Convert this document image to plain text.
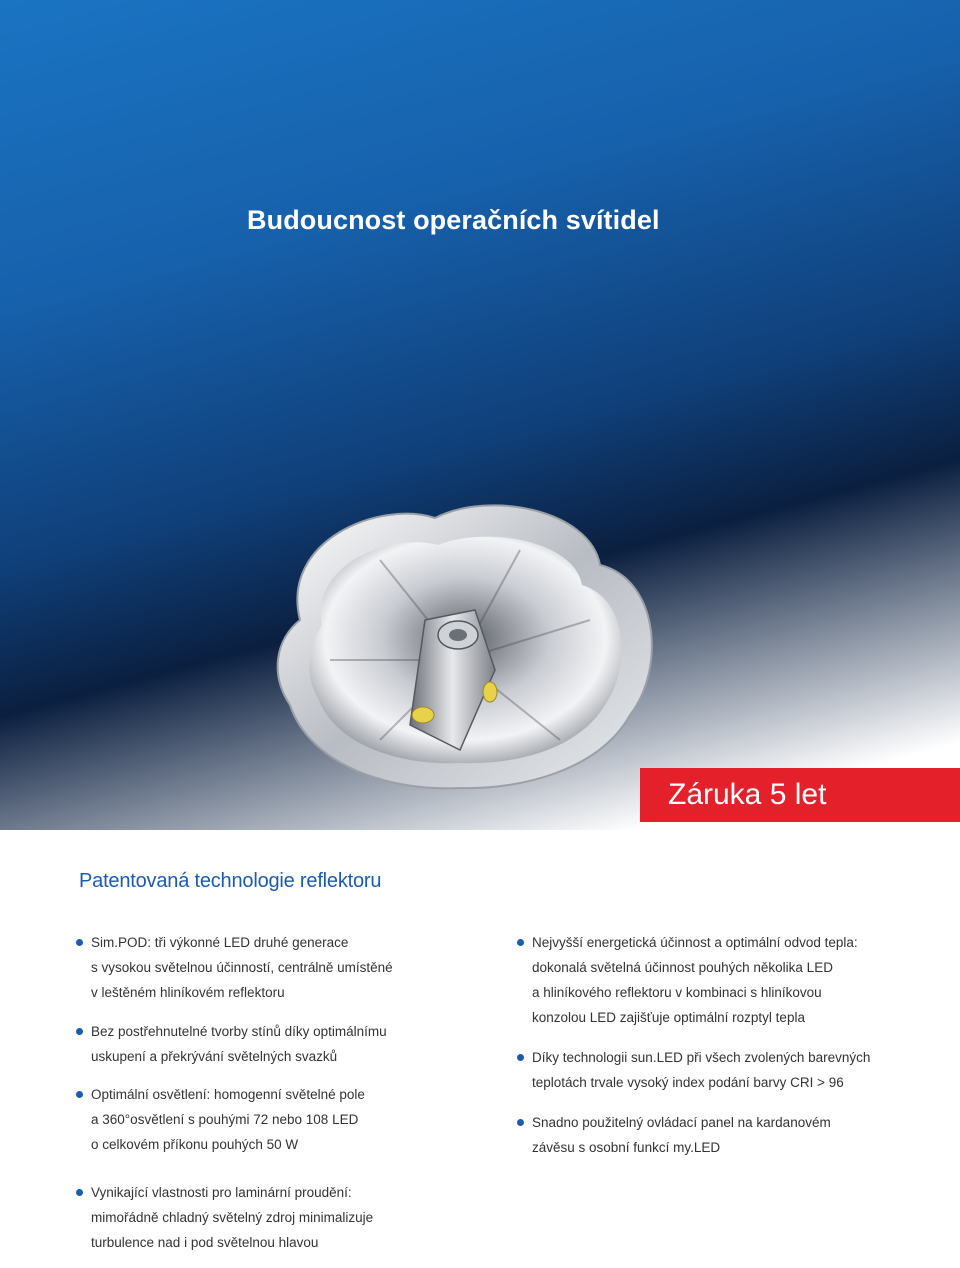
Budoucnost operačních svítidel
Záruka 5 let
Patentovaná technologie reflektoru
Sim.POD: tři výkonné LED druhé generace
s vysokou světelnou účinností, centrálně umístěné
v leštěném hliníkovém reflektoru
Bez postřehnutelné tvorby stínů díky optimálnímu
uskupení a překrývání světelných svazků
Optimální osvětlení: homogenní světelné pole
a 360°osvětlení s pouhými 72 nebo 108 LED
o celkovém příkonu pouhých 50 W
Vynikající vlastnosti pro laminární proudění:
mimořádně chladný světelný zdroj minimalizuje
turbulence nad i pod světelnou hlavou
Nejvyšší energetická účinnost a optimální odvod tepla:
dokonalá světelná účinnost pouhých několika LED
a hliníkového reflektoru v kombinaci s hliníkovou
konzolou LED zajišťuje optimální rozptyl tepla
Díky technologii sun.LED při všech zvolených barevných
teplotách trvale vysoký index podání barvy CRI > 96
Snadno použitelný ovládací panel na kardanovém
závěsu s osobní funkcí my.LED
